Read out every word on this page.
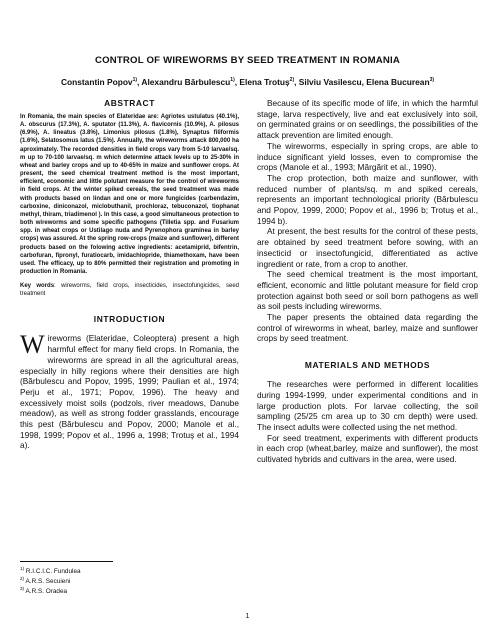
CONTROL OF WIREWORMS BY SEED TREATMENT IN ROMANIA
Constantin Popov$^{1)}$, Alexandru Bărbulescu$^{1)}$, Elena Trotuș$^{2)}$, Silviu Vasilescu, Elena Bucurean$^{3)}$
ABSTRACT

In Romania, the main species of Elateridae are: Agriotes ustulatus (40.1%), A. obscurus (17.3%), A. sputator (11.3%), A. flavicornis (10.9%), A. pilosus (6.9%), A. lineatus (3.8%), Limonius pilosus (1.8%), Synaptus filiformis (1.6%), Selatosomus latus (1.5%). Annually, the wireworms attack 800,000 ha aproximately. The recorded densities in field crops vary from 5-10 larvae/sq. m up to 70-100 larvae/sq. m which determine attack levels up to 25-30% in wheat and barley crops and up to 40-65% in maize and sunflower crops. At present, the seed chemical treatment method is the most important, efficient, economic and little polutant measure for the control of wireworms in field crops. At the winter spiked cereals, the seed treatment was made with products based on lindan and one or more fungicides (carbendazim, carboxine, diniconazol, miclobuthanil, prochloraz, tebuconazol, tiophanat methyl, thiram, triadimenol ). In this case, a good simultaneous protection to both wireworms and some specific pathogens (Tilletia spp. and Fusarium spp. in wheat crops or Ustilago nuda and Pyrenophora graminea in barley crops) was assured. At the spring row-crops (maize and sunflower), different products based on the folowing active ingredients: acetamiprid, bifentrin, carbofuran, fipronyl, furatiocarb, imidachlopride, thiamethoxam, have been used. The efficacy, up to 80% permitted their registration and promoting in production in Romania.

Key words: wireworms, field crops, insecticides, insectofungicides, seed treatment
INTRODUCTION

Wireworms (Elateridae, Coleoptera) present a high harmful effect for many field crops. In Romania, the wireworms are spread in all the agricultural areas, especially in hilly regions where their densities are high (Bărbulescu and Popov, 1995, 1999; Paulian et al., 1974; Perju et al., 1971; Popov, 1996). The heavy and excessively moist soils (podzols, river meadows, Danube meadow), as well as strong fodder grasslands, encourage this pest (Bărbulescu and Popov, 2000; Manole et al., 1998, 1999; Popov et al., 1996 a, 1998; Trotuș et al., 1994 a).

Because of its specific mode of life, in which the harmful stage, larva respectively, live and eat exclusively into soil, on germinated grains or on seedlings, the possibilities of the attack prevention are limited enough.

The wireworms, especially in spring crops, are able to induce significant yield losses, even to compromise the crops (Manole et al., 1993; Mărgărit et al., 1990).

The crop protection, both maize and sunflower, with reduced number of plants/sq. m and spiked cereals, represents an important technological priority (Bărbulescu and Popov, 1999, 2000; Popov et al., 1996 b; Trotuș et al., 1994 b).

At present, the best results for the control of these pests, are obtained by seed treatment before sowing, with an insecticid or insectofungicid, differentiated as active ingredient or rate, from a crop to another.

The seed chemical treatment is the most important, efficient, economic and little polutant measure for field crop protection against both seed or soil born pathogens as well as soil pests including wireworms.

The paper presents the obtained data regarding the control of wireworms in wheat, barley, maize and sunflower crops by seed treatment.

MATERIALS AND METHODS

The researches were performed in different localities during 1994-1999, under experimental conditions and in large production plots. For larvae collecting, the soil sampling (25/25 cm area up to 30 cm depth) were used. The insect adults were collected using the net method.

For seed treatment, experiments with different products in each crop (wheat,barley, maize and sunflower), the most cultivated hybrids and cultivars in the area, were used.

$^{1)}$ R.I.C.I.C. Fundulea
$^{2)}$ A.R.S. Secuieni
$^{3)}$ A.R.S. Oradea
1
